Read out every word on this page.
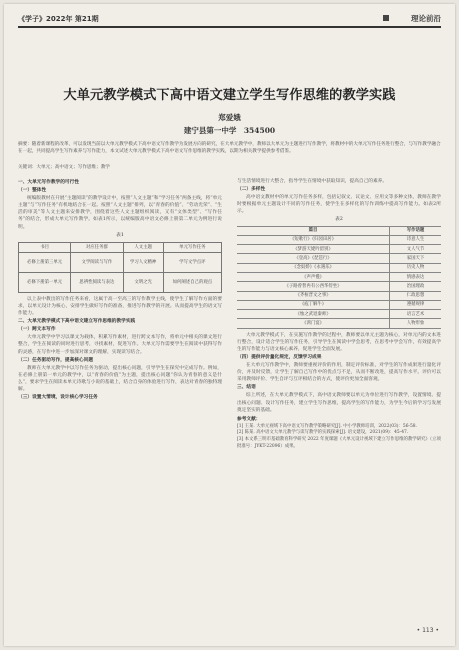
《学子》2022年 第21期	理论前沿
大单元教学模式下高中语文建立学生写作思维的教学实践
郑爱娥
建宁县第一中学　354500
摘要：随着新课程的改革，可以发现当前以大单元教学模式下高中语文写作教学为发展方向的研究，在大单元教学中，教师以大单元为主题进行写作教学，将教材中的大单元写作任务进行整合，与写作教学融合在一起，共同提高学生写作素养与写作能力，本文试述大单元教学模式下高中语文写作思维的教学实践，以期为相关教学提供参考借鉴。
关键词：大单元；高中语文；写作思维；教学
一、大单元写作教学的可行性
（一）整体性
统编版教材在开展“主题阅读”的教学设计中，按照“人文主题”和“学习任务”两条主线，将“单元主题”与“写作任务”有机地结合在一起。按照“人文主题”排列，以“青春的价值”、“劳动光荣”、“生活的审美”等人文主题来安排教学，围绕着这些人文主题组织阅读，又有“文体类型”、“写作任务”的结合，形成大单元写作教学。如表1所示，以统编版高中语文必修上册第二单元为例进行说明。
表1
书目	对应任务群	人文主题	单元写作任务
必修上册第三单元	文学阅读与写作	学习人文精神	学写文学点评
必修下册第一单元	思辨性阅读与表达	文明之光	如何阐述自己的观点
以上表中教出的写作任务来看，这属于高一至高三的写作教学主线，使学生了解写作方面的要求，以单元设计为核心，安排学生做好写作的准备，推进写作教学的开展。从而提高学生的语文写作能力。
二、大单元教学模式下高中语文建立写作思维的教学实践
（一）跨文本写作
大单元教学中学习以课文为载体，积累写作素材，进行跨文本写作，将单元中相关的课文进行整合，学生在阅读的同时进行思考，寻找素材，促进写作。大单元写作需要学生在阅读中获得写作的灵感，在写作中进一步加深对课文的理解，实现读写结合。
（二）任务驱动写作，提高核心问题
教师在大单元教学中以写作任务为驱动，提出核心问题，引导学生在探究中完成写作。例如，在必修上册第一单元的教学中，以“青春的价值”为主题，提出核心问题“你认为青春的意义是什么”，要求学生在阅读本单元诗歌与小说的基础上，结合自身的体验进行写作，表达对青春的独特理解。
（三）设置大情境，设计核心学习任务
与生活情境进行大整合，指导学生在情境中获取知识，提高自己的素养。
（二）多样性
高中语文教材中的单元写作任务多样，包括记叙文、议论文、应用文等多种文体，教师在教学时要根据单元主题设计不同的写作任务，使学生在多样化的写作训练中提高写作能力。如表2所示。
表2
篇目	写作话题
《短歌行》《归园田居》	诗意人生
《梦游天姥吟留别》	文人气节
《登高》《琵琶行》	家国天下
《念奴娇》《永遇乐》	历史人物
《声声慢》	情感表达
《子路曾皙冉有公西华侍坐》	治国理政
《齐桓晋文之事》	仁政思想
《庖丁解牛》	遵循规律
《烛之武退秦师》	语言艺术
《鸿门宴》	人物形象
大单元教学模式下，在实施写作教学的过程中，教师要以单元主题为核心，对单元内的文本进行整合，设计适合学生的写作任务，引导学生在阅读中学会思考，在思考中学会写作，有效提高学生的写作能力与语文核心素养，促进学生全面发展。
（四）提供评价量化规定，反馈学习成果
在大单元写作教学中，教师要重视评价的作用，制定评价标准，对学生的写作成果进行量化评价，并及时反馈，让学生了解自己写作中的优点与不足，从而不断改进，提高写作水平。评价可以采用教师评价、学生自评与互评相结合的方式，使评价更加全面客观。
三、结语
综上所述，在大单元教学模式下，高中语文教师要以单元为单位进行写作教学，设置情境、提出核心问题、设计写作任务，建立学生写作思维，提高学生的写作能力，为学生今后的学习与发展奠定坚实的基础。
参考文献：
[1] 王某. 大单元视域下高中语文写作教学策略研究[J]. 中小学教师培训，2022(03)：56-58.
[2] 陈某. 高中语文大单元教学与读写教学的实践探索[J]. 语文建设，2021(09)：45-47.
[3] 本文系三明市基础教育科学研究 2022 年度课题《大单元设计视域下建立写作思维的教学研究》（立项批准号：JYKT-22096）成果。
• 113 •
